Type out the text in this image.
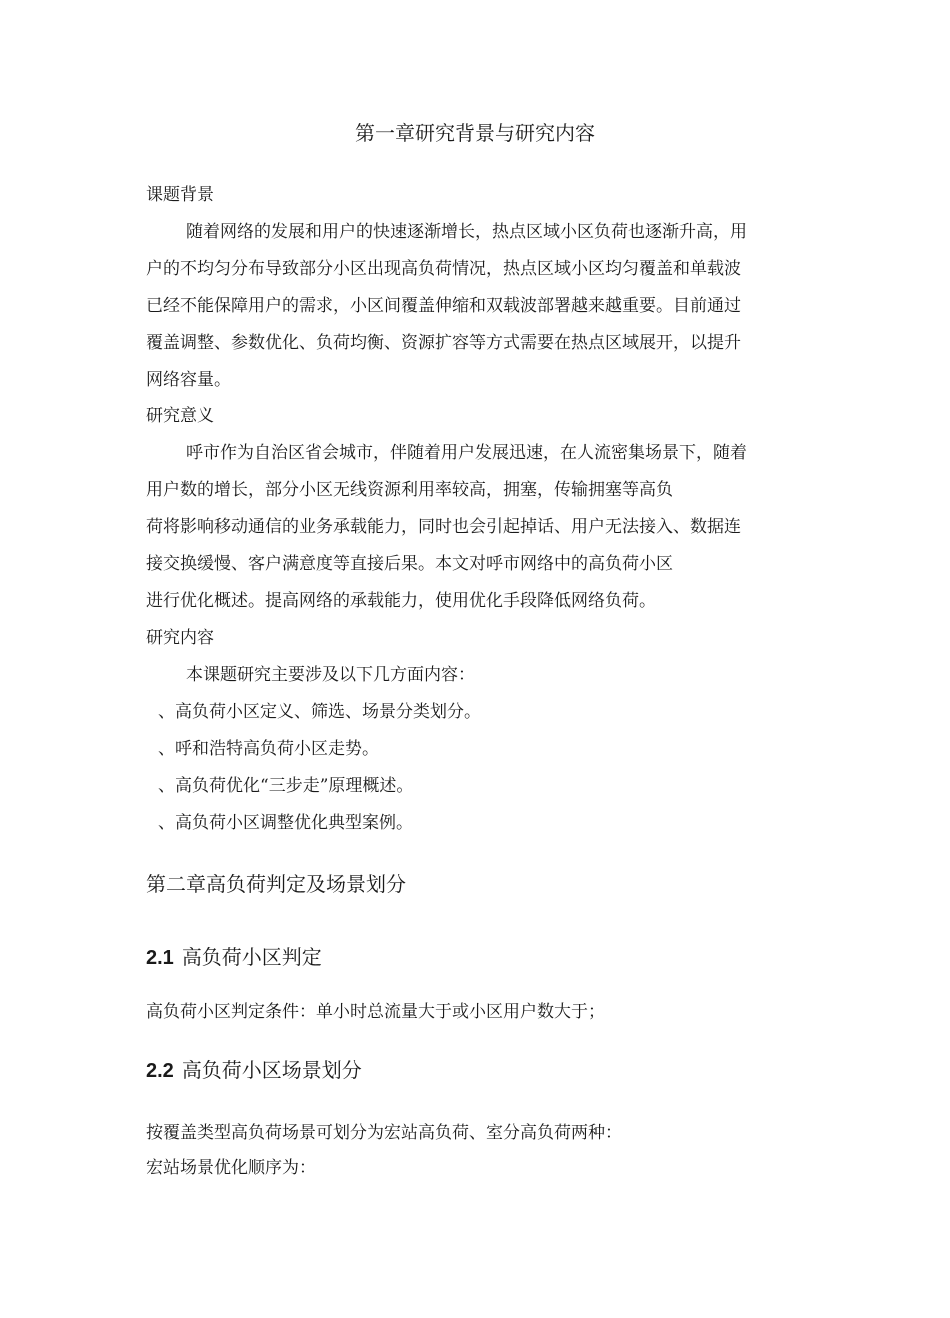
第一章研究背景与研究内容

课题背景

随着网络的发展和用户的快速逐渐增长，热点区域小区负荷也逐渐升高，用

户的不均匀分布导致部分小区出现高负荷情况，热点区域小区均匀覆盖和单载波

已经不能保障用户的需求，小区间覆盖伸缩和双载波部署越来越重要。目前通过

覆盖调整、参数优化、负荷均衡、资源扩容等方式需要在热点区域展开，以提升

网络容量。

研究意义

呼市作为自治区省会城市，伴随着用户发展迅速，在人流密集场景下，随着

用户数的增长，部分小区无线资源利用率较高，拥塞，传输拥塞等高负

荷将影响移动通信的业务承载能力，同时也会引起掉话、用户无法接入、数据连

接交换缓慢、客户满意度等直接后果。本文对呼市网络中的高负荷小区

进行优化概述。提高网络的承载能力，使用优化手段降低网络负荷。

研究内容

本课题研究主要涉及以下几方面内容：

、高负荷小区定义、筛选、场景分类划分。

、呼和浩特高负荷小区走势。

、高负荷优化“三步走”原理概述。

、高负荷小区调整优化典型案例。

第二章高负荷判定及场景划分
2.1 高负荷小区判定

高负荷小区判定条件：单小时总流量大于或小区用户数大于；

2.2 高负荷小区场景划分

按覆盖类型高负荷场景可划分为宏站高负荷、室分高负荷两种：

宏站场景优化顺序为：
